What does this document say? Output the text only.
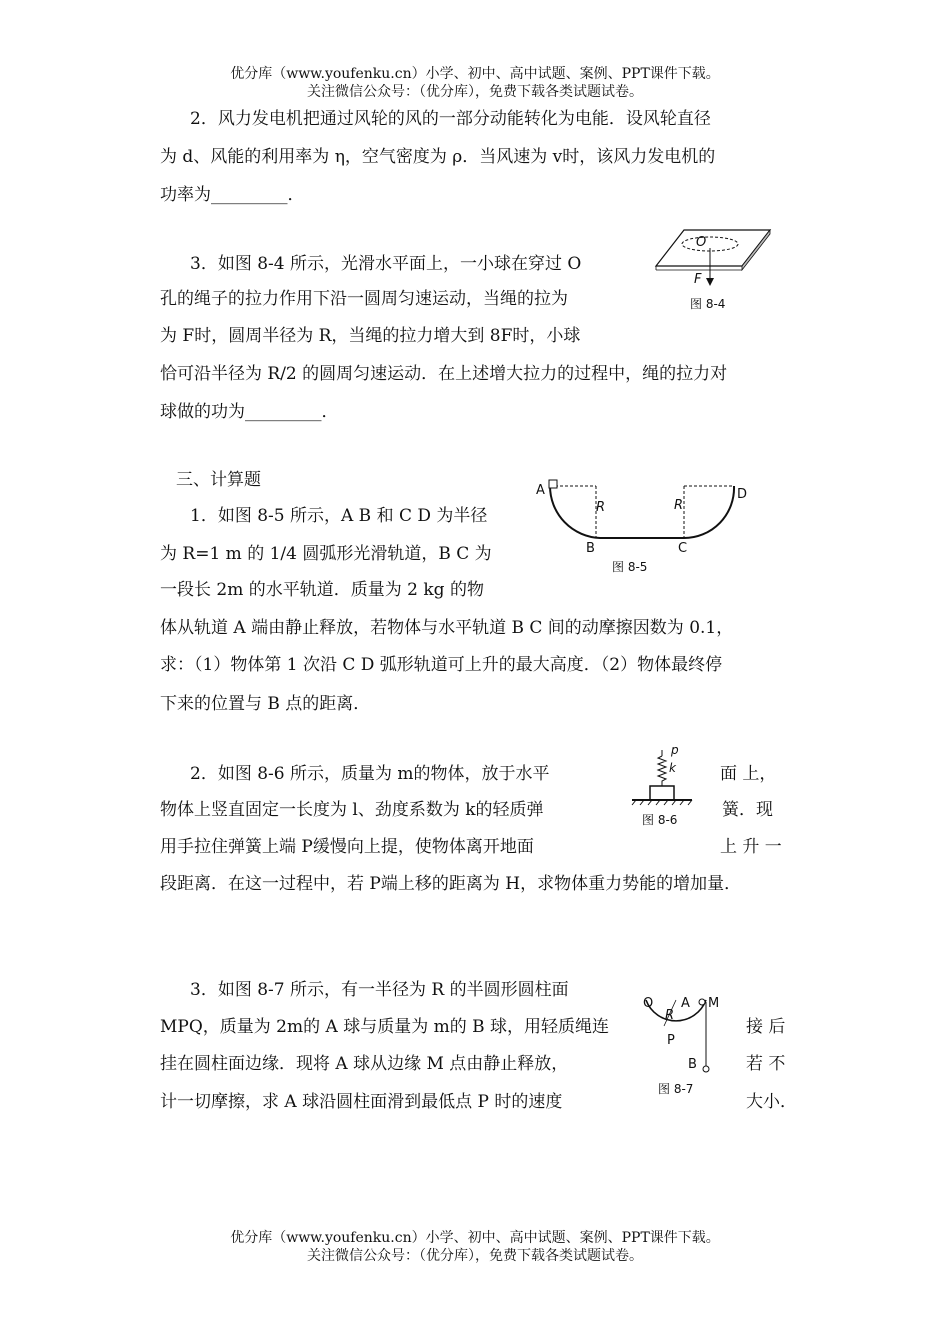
优分库（www.youfenku.cn）小学、初中、高中试题、案例、PPT课件下载。
关注微信公众号：（优分库），免费下载各类试题试卷。
2．风力发电机把通过风轮的风的一部分动能转化为电能．设风轮直径
为 d、风能的利用率为 η，空气密度为 ρ．当风速为 v时，该风力发电机的
功率为_________．
3．如图 8-4 所示，光滑水平面上，一小球在穿过 O
孔的绳子的拉力作用下沿一圆周匀速运动，当绳的拉为
为 F时，圆周半径为 R，当绳的拉力增大到 8F时，小球
恰可沿半径为 R/2 的圆周匀速运动．在上述增大拉力的过程中，绳的拉力对
球做的功为_________．
O
F
图 8-4
三、计算题
1．如图 8-5 所示，A B 和 C D 为半径
为 R=1 m 的 1/4 圆弧形光滑轨道，B C 为
一段长 2m 的水平轨道．质量为 2 kg 的物
体从轨道 A 端由静止释放，若物体与水平轨道 B C 间的动摩擦因数为 0.1，
求：（1）物体第 1 次沿 C D 弧形轨道可上升的最大高度．（2）物体最终停
下来的位置与 B 点的距离．
A	D
R	R
B	C
图 8-5
2．如图 8-6 所示，质量为 m的物体，放于水平	面 上，
物体上竖直固定一长度为 l、劲度系数为 k的轻质弹	簧．现
用手拉住弹簧上端 P缓慢向上提，使物体离开地面	上 升 一
段距离．在这一过程中，若 P端上移的距离为 H，求物体重力势能的增加量．
p
k
图 8-6
3．如图 8-7 所示，有一半径为 R 的半圆形圆柱面
MPQ，质量为 2m的 A 球与质量为 m的 B 球，用轻质绳连	接 后
挂在圆柱面边缘．现将 A 球从边缘 M 点由静止释放，	若 不
计一切摩擦，求 A 球沿圆柱面滑到最低点 P 时的速度	大小．
Q A M
R
P
B
图 8-7
优分库（www.youfenku.cn）小学、初中、高中试题、案例、PPT课件下载。
关注微信公众号：（优分库），免费下载各类试题试卷。
